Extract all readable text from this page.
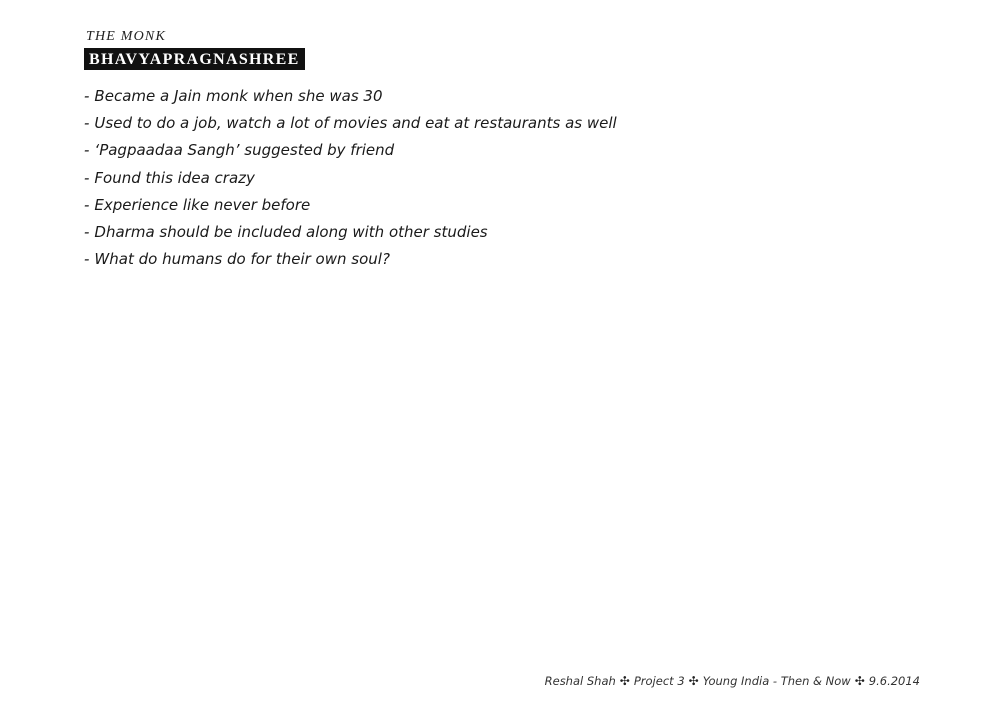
THE MONK
BHAVYAPRAGNASHREE
- Became a Jain monk when she was 30
- Used to do a job, watch a lot of movies and eat at restaurants as well
- ‘Pagpaadaa Sangh’ suggested by friend
- Found this idea crazy
- Experience like never before
- Dharma should be included along with other studies
- What do humans do for their own soul?
Reshal Shah ✣ Project 3 ✣ Young India - Then & Now ✣ 9.6.2014
